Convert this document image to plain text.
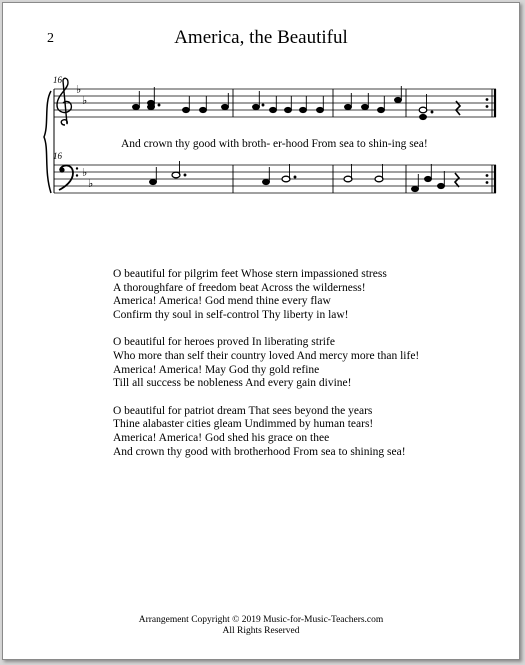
2	America, the Beautiful
16
16
♭
♭
♭
♭
And crown thy good with broth- er-hood From sea to shin-ing sea!
O beautiful for pilgrim feet Whose stern impassioned stress
A thoroughfare of freedom beat Across the wilderness!
America! America! God mend thine every flaw
Confirm thy soul in self-control Thy liberty in law!
O beautiful for heroes proved In liberating strife
Who more than self their country loved And mercy more than life!
America! America! May God thy gold refine
Till all success be nobleness And every gain divine!
O beautiful for patriot dream That sees beyond the years
Thine alabaster cities gleam Undimmed by human tears!
America! America! God shed his grace on thee
And crown thy good with brotherhood From sea to shining sea!
Arrangement Copyright © 2019 Music-for-Music-Teachers.com
All Rights Reserved
